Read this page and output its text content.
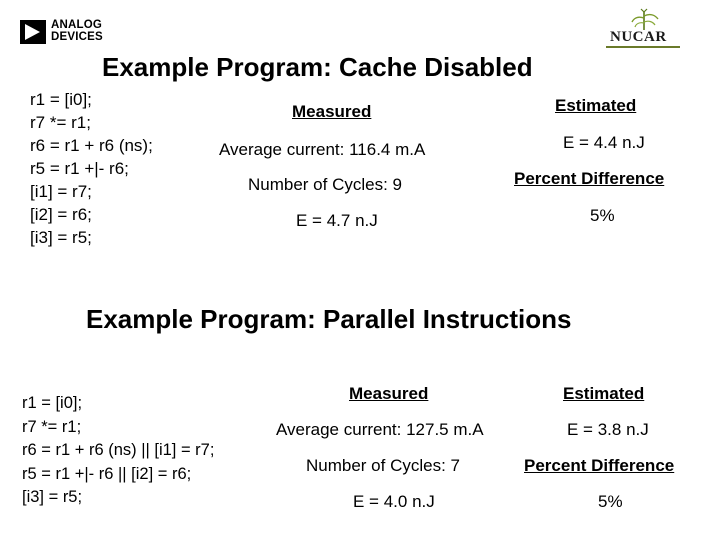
ANALOG
DEVICES	NUCAR
Example Program: Cache Disabled
r1 = [i0];
r7 *= r1;
r6 = r1 + r6 (ns);
r5 = r1 +|- r6;
[i1] = r7;
[i2] = r6;
[i3] = r5;
Measured
Average current: 116.4 m.A
Number of Cycles: 9
E = 4.7 n.J
Estimated
E = 4.4 n.J
Percent Difference
5%
Example Program: Parallel Instructions
r1 = [i0];
r7 *= r1;
r6 = r1 + r6 (ns) || [i1] = r7;
r5 = r1 +|- r6 || [i2] = r6;
[i3] = r5;
Measured
Average current: 127.5 m.A
Number of Cycles: 7
E = 4.0 n.J
Estimated
E = 3.8 n.J
Percent Difference
5%
